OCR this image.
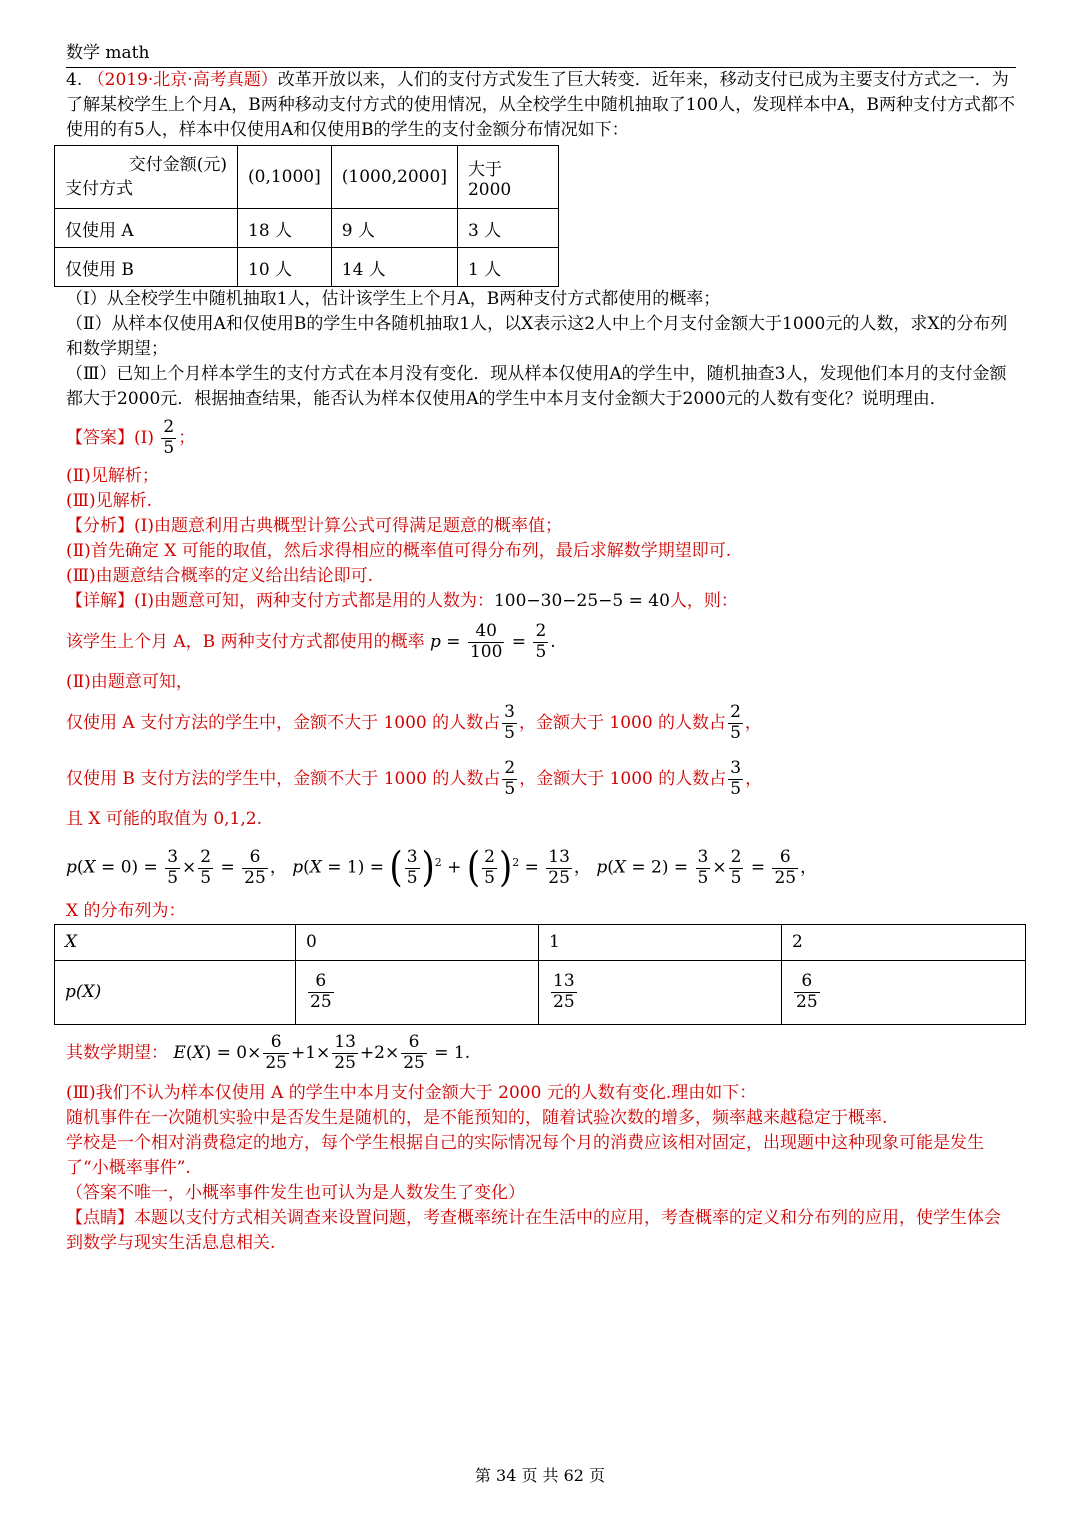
数学 math

4. （2019·北京·高考真题）改革开放以来，人们的支付方式发生了巨大转变．近年来，移动支付已成为主要支付方式之一．为了解某校学生上个月A，B两种移动支付方式的使用情况，从全校学生中随机抽取了100人，发现样本中A，B两种支付方式都不使用的有5人，样本中仅使用A和仅使用B的学生的支付金额分布情况如下：

交付金额(元)
支付方式	(0,1000]	(1000,2000]	大于 2000
仅使用 A	18 人	9 人	3 人
仅使用 B	10 人	14 人	1 人

（Ⅰ）从全校学生中随机抽取1人，估计该学生上个月A，B两种支付方式都使用的概率；

（Ⅱ）从样本仅使用A和仅使用B的学生中各随机抽取1人，以X表示这2人中上个月支付金额大于1000元的人数，求X的分布列和数学期望；

（Ⅲ）已知上个月样本学生的支付方式在本月没有变化．现从样本仅使用A的学生中，随机抽查3人，发现他们本月的支付金额都大于2000元．根据抽查结果，能否认为样本仅使用A的学生中本月支付金额大于2000元的人数有变化？说明理由．

【答案】(Ⅰ) $\frac{2}{5}$ ；

(Ⅱ)见解析；

(Ⅲ)见解析.

【分析】(Ⅰ)由题意利用古典概型计算公式可得满足题意的概率值；

(Ⅱ)首先确定 X 可能的取值，然后求得相应的概率值可得分布列，最后求解数学期望即可.

(Ⅲ)由题意结合概率的定义给出结论即可.

【详解】(Ⅰ)由题意可知，两种支付方式都是用的人数为：100−30−25−5 = 40人，则：

该学生上个月 A，B 两种支付方式都使用的概率 $p = \frac{40}{100} = \frac{2}{5}$ .

(Ⅱ)由题意可知，

仅使用 A 支付方法的学生中，金额不大于 1000 的人数占 $\frac{3}{5}$ ，金额大于 1000 的人数占 $\frac{2}{5}$ ，

仅使用 B 支付方法的学生中，金额不大于 1000 的人数占 $\frac{2}{5}$ ，金额大于 1000 的人数占 $\frac{3}{5}$ ，

且 X 可能的取值为 0,1,2.

$p(X = 0) = \frac{3}{5} \times \frac{2}{5} = \frac{6}{25}$ ， p(X = 1) = ( $\frac{3}{5} )^2$ + ( $\frac{2}{5} )^2 = \frac{13}{25}$ ， $p(X = 2) = \frac{3}{5} \times \frac{2}{5} = \frac{6}{25}$ ，

X 的分布列为：

X	0	1	2
p(X)	$\frac{6}{25}$	$\frac{13}{25}$	$\frac{6}{25}$

其数学期望： $E(X) = 0\times \frac{6}{25} +1\times \frac{13}{25} +2\times \frac{6}{25} = 1$.

(Ⅲ)我们不认为样本仅使用 A 的学生中本月支付金额大于 2000 元的人数有变化.理由如下：

随机事件在一次随机实验中是否发生是随机的，是不能预知的，随着试验次数的增多，频率越来越稳定于概率.

学校是一个相对消费稳定的地方，每个学生根据自己的实际情况每个月的消费应该相对固定，出现题中这种现象可能是发生了“小概率事件”.

（答案不唯一，小概率事件发生也可认为是人数发生了变化）

【点睛】本题以支付方式相关调查来设置问题，考查概率统计在生活中的应用，考查概率的定义和分布列的应用，使学生体会到数学与现实生活息息相关.

第 34 页 共 62 页
